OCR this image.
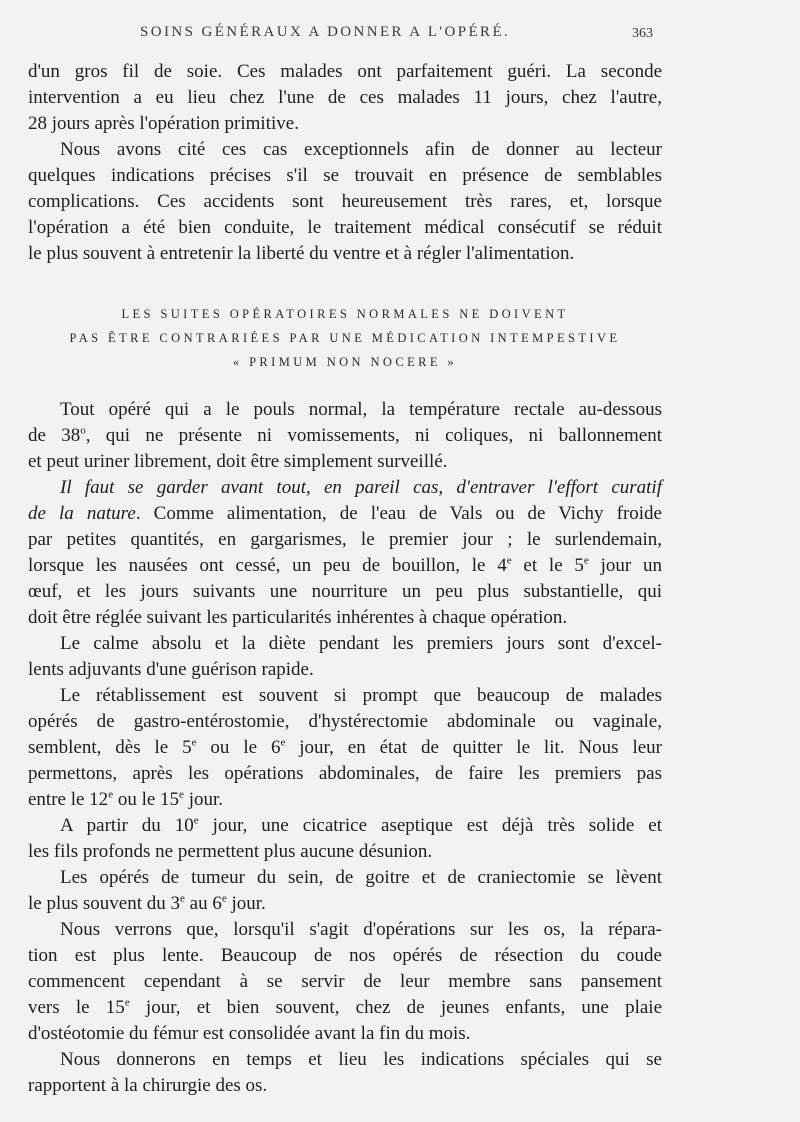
SOINS GÉNÉRAUX A DONNER A L'OPÉRÉ.	363
d'un gros fil de soie. Ces malades ont parfaitement guéri. La seconde
intervention a eu lieu chez l'une de ces malades 11 jours, chez l'autre,
28 jours après l'opération primitive.
Nous avons cité ces cas exceptionnels afin de donner au lecteur
quelques indications précises s'il se trouvait en présence de semblables
complications. Ces accidents sont heureusement très rares, et, lorsque
l'opération a été bien conduite, le traitement médical consécutif se réduit
le plus souvent à entretenir la liberté du ventre et à régler l'alimentation.
LES SUITES OPÉRATOIRES NORMALES NE DOIVENT
PAS ÊTRE CONTRARIÉES PAR UNE MÉDICATION INTEMPESTIVE
« PRIMUM NON NOCERE »
Tout opéré qui a le pouls normal, la température rectale au-dessous
de 38$^o$, qui ne présente ni vomissements, ni coliques, ni ballonnement
et peut uriner librement, doit être simplement surveillé.
Il faut se garder avant tout, en pareil cas, d'entraver l'effort curatif
de la nature. Comme alimentation, de l'eau de Vals ou de Vichy froide
par petites quantités, en gargarismes, le premier jour ; le surlendemain,
lorsque les nausées ont cessé, un peu de bouillon, le 4e et le 5e jour un
œuf, et les jours suivants une nourriture un peu plus substantielle, qui
doit être réglée suivant les particularités inhérentes à chaque opération.
Le calme absolu et la diète pendant les premiers jours sont d'excel-
lents adjuvants d'une guérison rapide.
Le rétablissement est souvent si prompt que beaucoup de malades
opérés de gastro-entérostomie, d'hystérectomie abdominale ou vaginale,
semblent, dès le 5e ou le 6e jour, en état de quitter le lit. Nous leur
permettons, après les opérations abdominales, de faire les premiers pas
entre le 12e ou le 15e jour.
A partir du 10e jour, une cicatrice aseptique est déjà très solide et
les fils profonds ne permettent plus aucune désunion.
Les opérés de tumeur du sein, de goitre et de craniectomie se lèvent
le plus souvent du 3e au 6e jour.
Nous verrons que, lorsqu'il s'agit d'opérations sur les os, la répara-
tion est plus lente. Beaucoup de nos opérés de résection du coude
commencent cependant à se servir de leur membre sans pansement
vers le 15e jour, et bien souvent, chez de jeunes enfants, une plaie
d'ostéotomie du fémur est consolidée avant la fin du mois.
Nous donnerons en temps et lieu les indications spéciales qui se
rapportent à la chirurgie des os.
